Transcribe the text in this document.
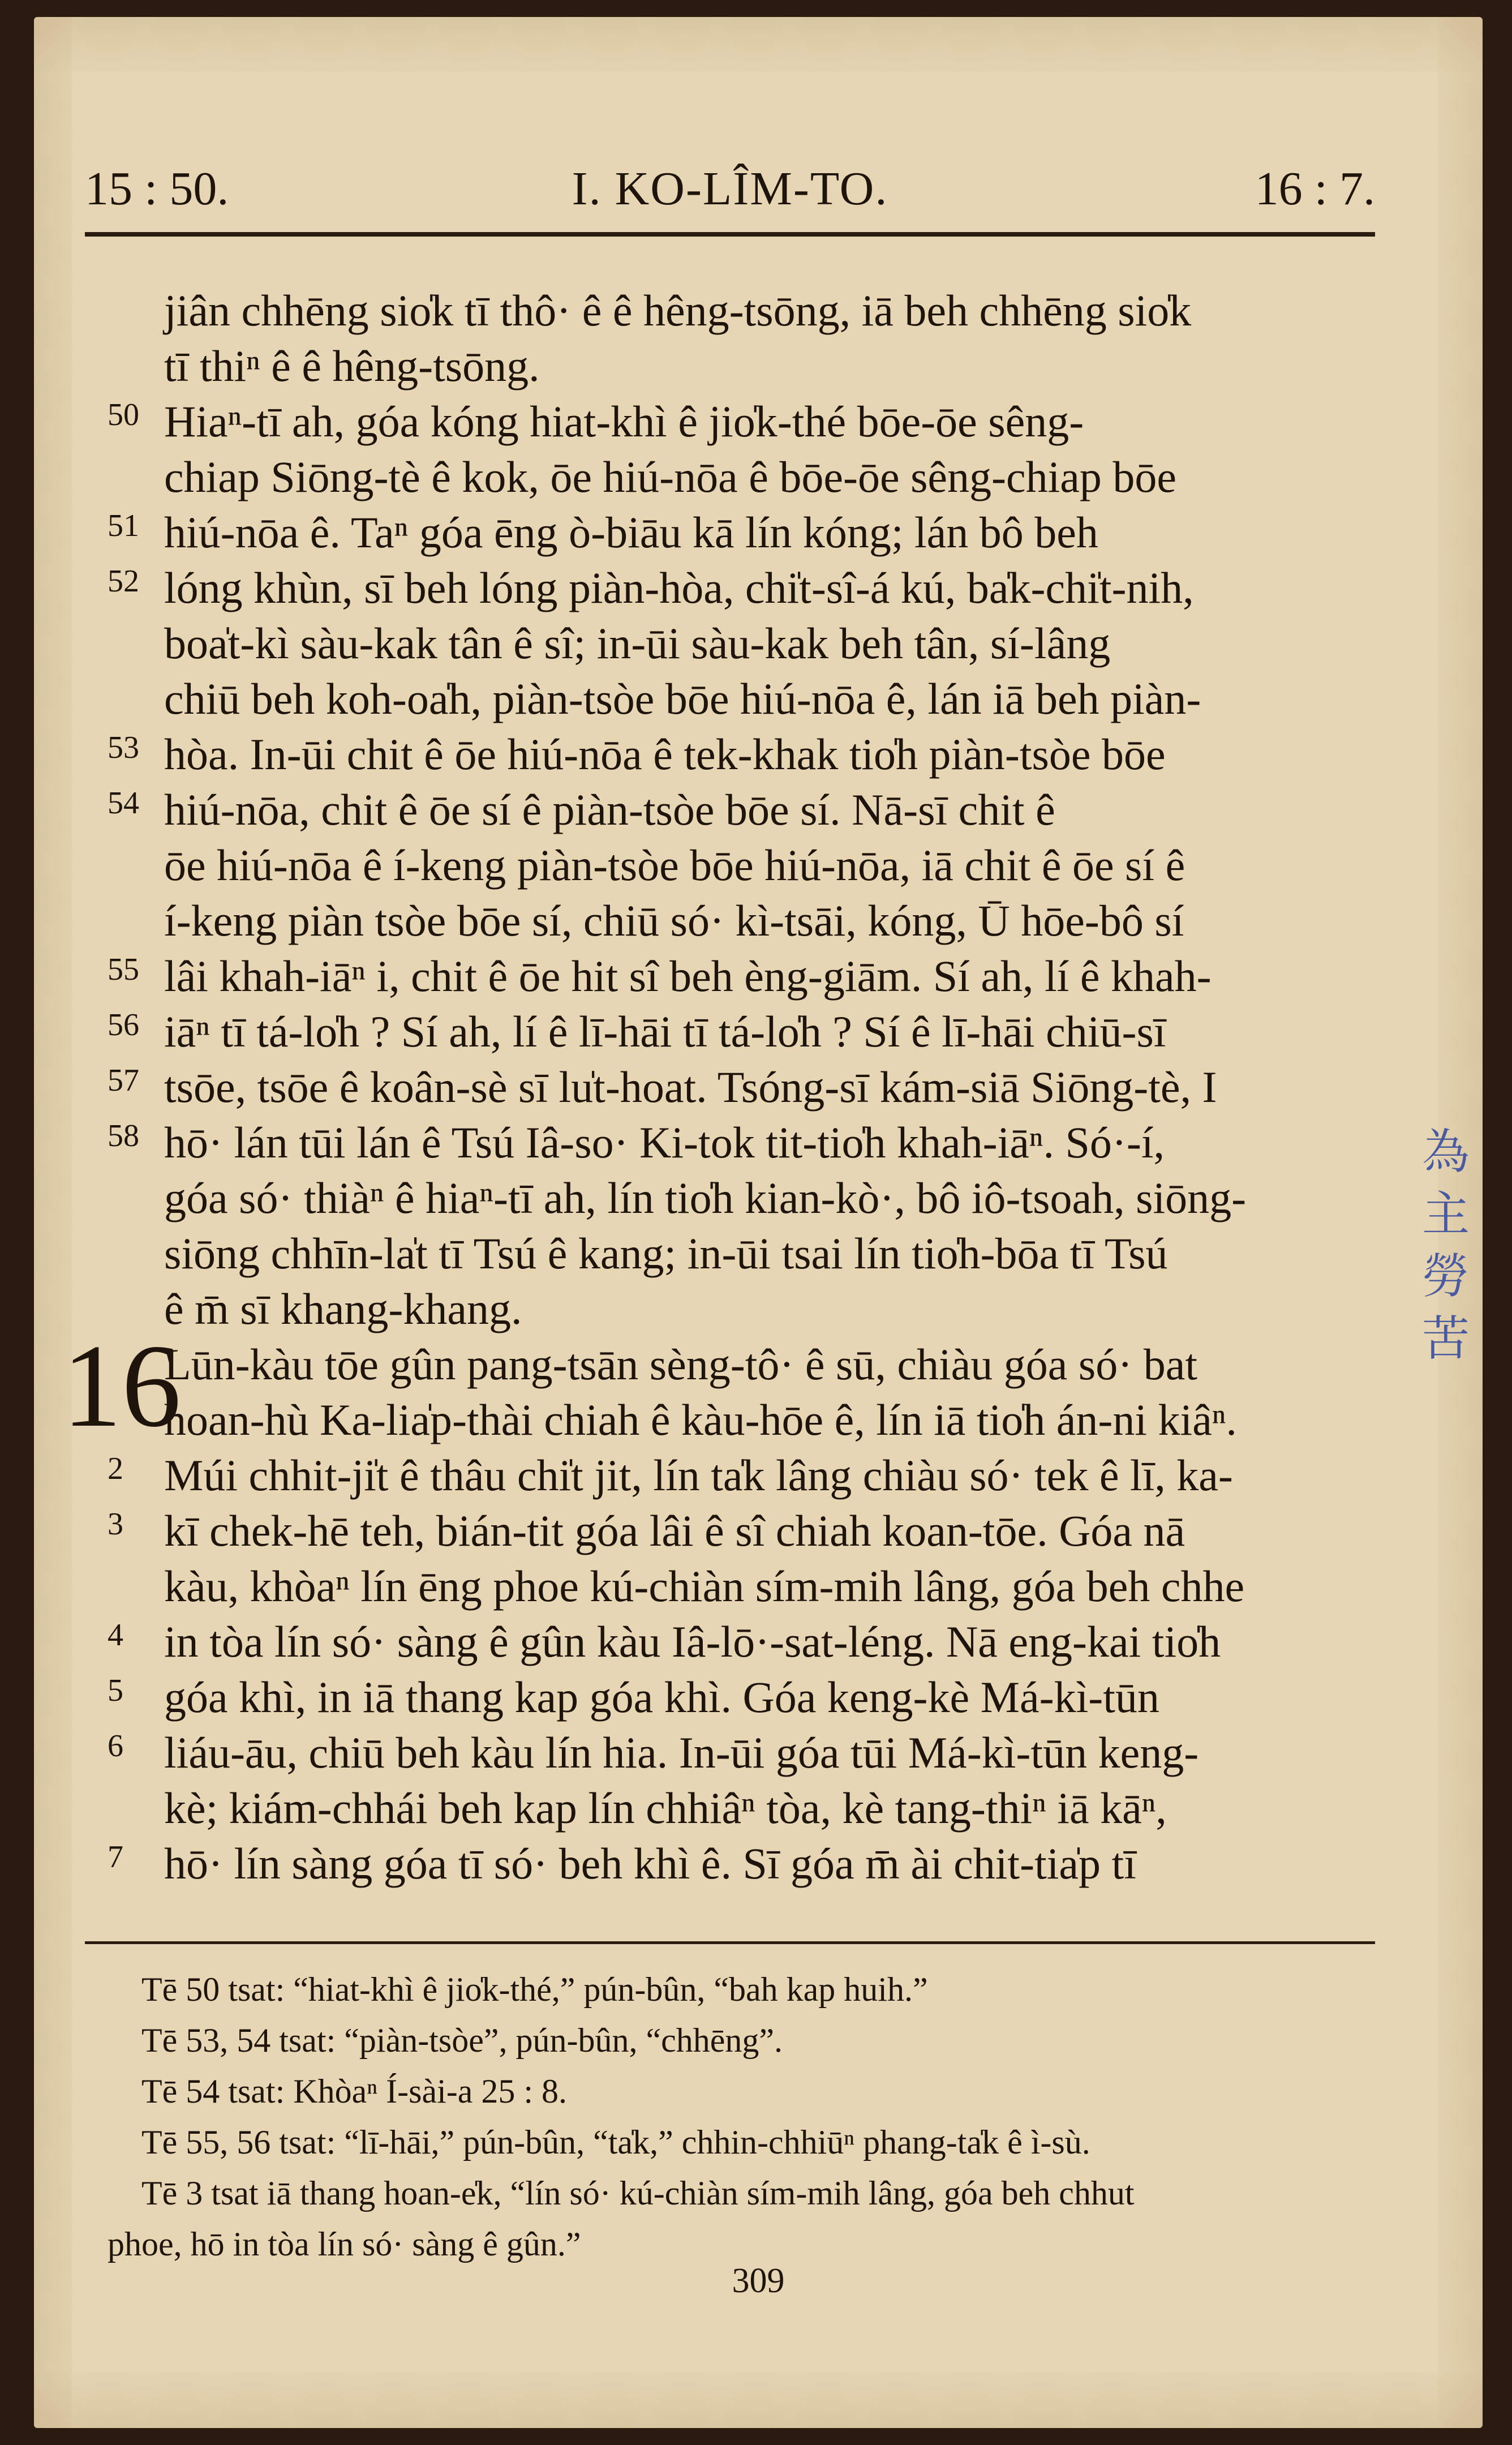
15 : 50.	I. KO-LÎM-TO.	16 : 7.
jiân chhēng sio̍k tī thô· ê ê hêng-tsōng, iā beh chhēng sio̍k
tī thiⁿ ê ê hêng-tsōng.
50 Hiaⁿ-tī ah, góa kóng hiat-khì ê jio̍k-thé bōe-ōe sêng-
chiap Siōng-tè ê kok, ōe hiú-nōa ê bōe-ōe sêng-chiap bōe
51 hiú-nōa ê. Taⁿ góa ēng ò-biāu kā lín kóng; lán bô beh
52 lóng khùn, sī beh lóng piàn-hòa, chi̍t-sî-á kú, ba̍k-chi̍t-nih,
boa̍t-kì sàu-kak tân ê sî; in-ūi sàu-kak beh tân, sí-lâng
chiū beh koh-oa̍h, piàn-tsòe bōe hiú-nōa ê, lán iā beh piàn-
53 hòa. In-ūi chit ê ōe hiú-nōa ê tek-khak tio̍h piàn-tsòe bōe
54 hiú-nōa, chit ê ōe sí ê piàn-tsòe bōe sí. Nā-sī chit ê
ōe hiú-nōa ê í-keng piàn-tsòe bōe hiú-nōa, iā chit ê ōe sí ê
í-keng piàn tsòe bōe sí, chiū só· kì-tsāi, kóng, Ū hōe-bô sí
55 lâi khah-iāⁿ i, chit ê ōe hit sî beh èng-giām. Sí ah, lí ê khah-
56 iāⁿ tī tá-lo̍h ? Sí ah, lí ê lī-hāi tī tá-lo̍h ? Sí ê lī-hāi chiū-sī
57 tsōe, tsōe ê koân-sè sī lu̍t-hoat. Tsóng-sī kám-siā Siōng-tè, I
58 hō· lán tūi lán ê Tsú Iâ-so· Ki-tok tit-tio̍h khah-iāⁿ. Só·-í,
góa só· thiàⁿ ê hiaⁿ-tī ah, lín tio̍h kian-kò·, bô iô-tsoah, siōng-
siōng chhīn-la̍t tī Tsú ê kang; in-ūi tsai lín tio̍h-bōa tī Tsú
ê m̄ sī khang-khang.
16
Lūn-kàu tōe gûn pang-tsān sèng-tô· ê sū, chiàu góa só· bat
hoan-hù Ka-lia̍p-thài chiah ê kàu-hōe ê, lín iā tio̍h án-ni kiâⁿ.
2 Múi chhit-ji̍t ê thâu chi̍t jit, lín ta̍k lâng chiàu só· tek ê lī, ka-
3 kī chek-hē teh, bián-tit góa lâi ê sî chiah koan-tōe. Góa nā
kàu, khòaⁿ lín ēng phoe kú-chiàn sím-mih lâng, góa beh chhe
4 in tòa lín só· sàng ê gûn kàu Iâ-lō·-sat-léng. Nā eng-kai tio̍h
5 góa khì, in iā thang kap góa khì. Góa keng-kè Má-kì-tūn
6 liáu-āu, chiū beh kàu lín hia. In-ūi góa tūi Má-kì-tūn keng-
kè; kiám-chhái beh kap lín chhiâⁿ tòa, kè tang-thiⁿ iā kāⁿ,
7 hō· lín sàng góa tī só· beh khì ê. Sī góa m̄ ài chit-tia̍p tī
為
主
勞
苦
Tē 50 tsat: “hiat-khì ê jio̍k-thé,” pún-bûn, “bah kap huih.”
Tē 53, 54 tsat: “piàn-tsòe”, pún-bûn, “chhēng”.
Tē 54 tsat: Khòaⁿ Í-sài-a 25 : 8.
Tē 55, 56 tsat: “lī-hāi,” pún-bûn, “ta̍k,” chhin-chhiūⁿ phang-ta̍k ê ì-sù.
Tē 3 tsat iā thang hoan-e̍k, “lín só· kú-chiàn sím-mih lâng, góa beh chhut
phoe, hō in tòa lín só· sàng ê gûn.”
309
